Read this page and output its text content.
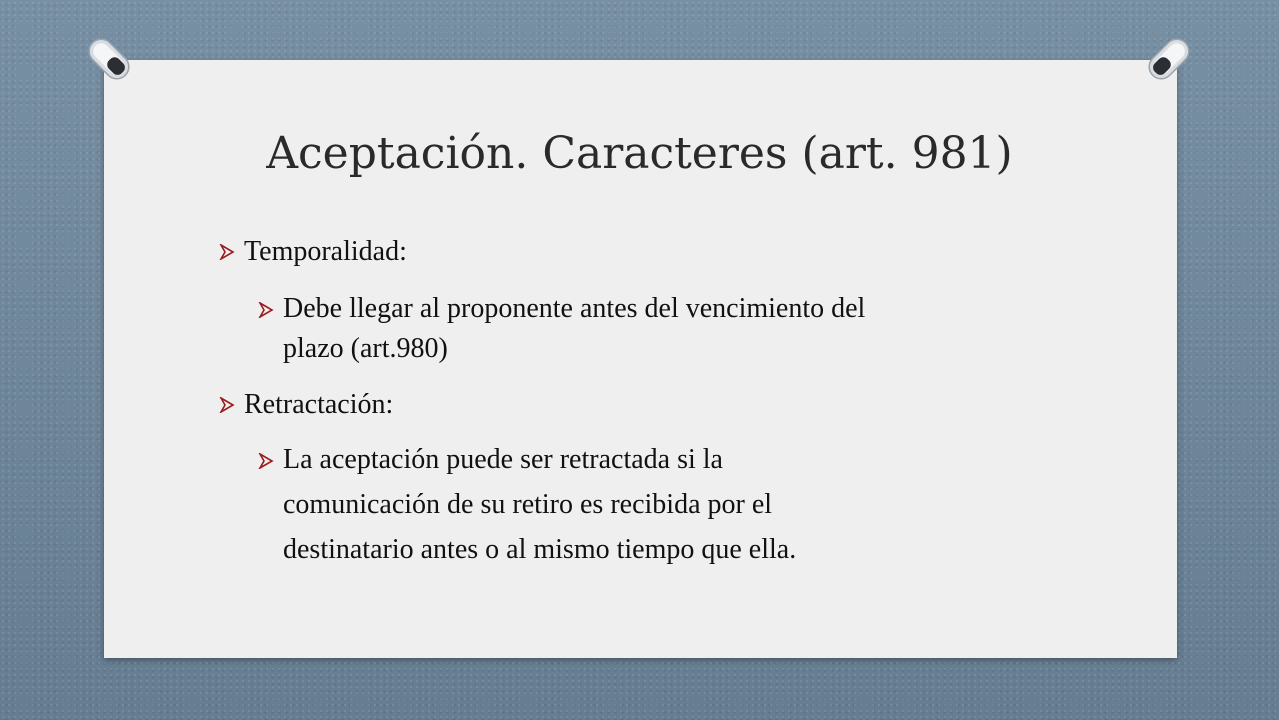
Aceptación. Caracteres (art. 981)
Temporalidad:
Debe llegar al proponente antes del vencimiento del
plazo (art.980)
Retractación:
La aceptación puede ser retractada si la
comunicación de su retiro es recibida por el
destinatario antes o al mismo tiempo que ella.
